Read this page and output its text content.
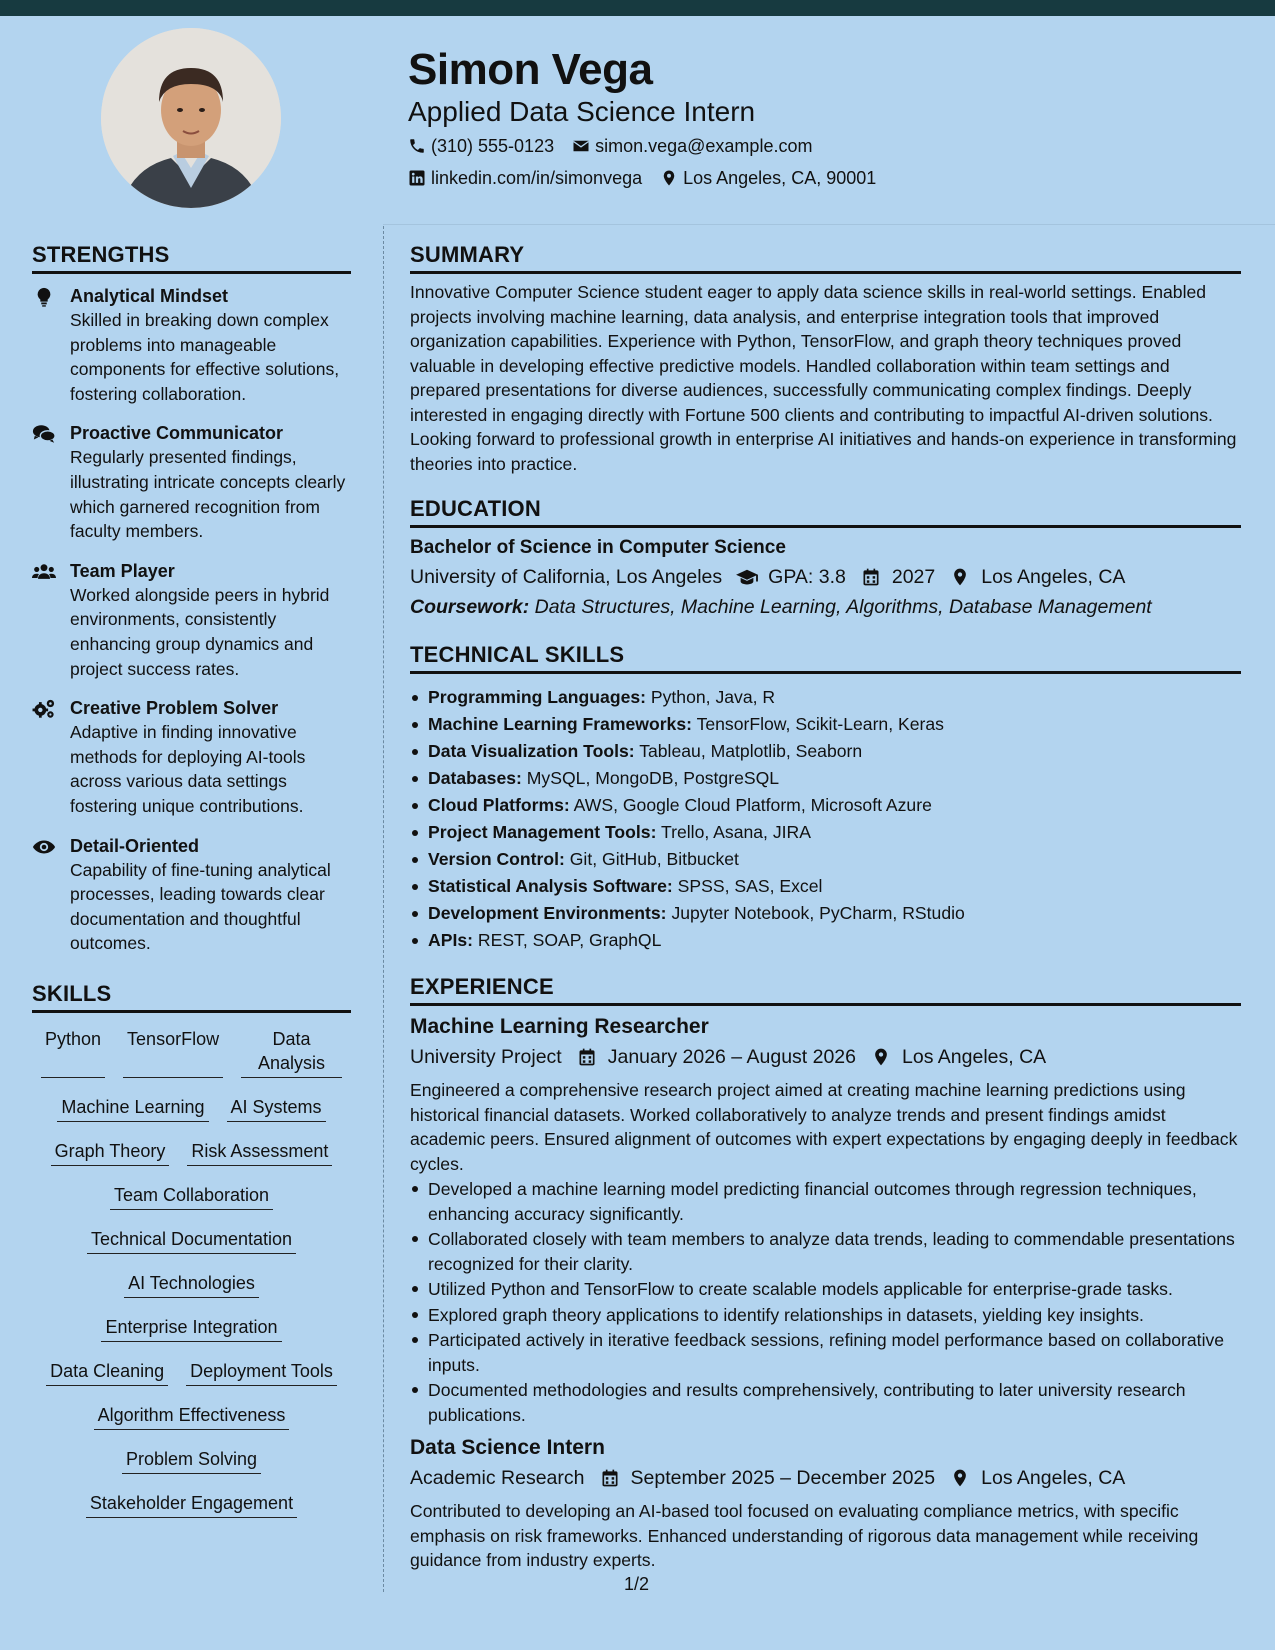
Simon Vega
Applied Data Science Intern
(310) 555-0123 simon.vega@example.com
linkedin.com/in/simonvega Los Angeles, CA, 90001
STRENGTHS
Analytical Mindset

Skilled in breaking down complex problems into manageable components for effective solutions, fostering collaboration.

Proactive Communicator

Regularly presented findings, illustrating intricate concepts clearly which garnered recognition from faculty members.

Team Player

Worked alongside peers in hybrid environments, consistently enhancing group dynamics and project success rates.

Creative Problem Solver

Adaptive in finding innovative methods for deploying AI-tools across various data settings fostering unique contributions.

Detail-Oriented

Capability of fine-tuning analytical processes, leading towards clear documentation and thoughtful outcomes.

SKILLS
Python TensorFlow	Data Analysis
Machine Learning AI Systems
Graph Theory Risk Assessment
Team Collaboration
Technical Documentation
AI Technologies
Enterprise Integration
Data Cleaning Deployment Tools
Algorithm Effectiveness
Problem Solving
Stakeholder Engagement
SUMMARY

Innovative Computer Science student eager to apply data science skills in real-world settings. Enabled projects involving machine learning, data analysis, and enterprise integration tools that improved organization capabilities. Experience with Python, TensorFlow, and graph theory techniques proved valuable in developing effective predictive models. Handled collaboration within team settings and prepared presentations for diverse audiences, successfully communicating complex findings. Deeply interested in engaging directly with Fortune 500 clients and contributing to impactful AI-driven solutions. Looking forward to professional growth in enterprise AI initiatives and hands-on experience in transforming theories into practice.

EDUCATION
Bachelor of Science in Computer Science
University of California, Los Angeles GPA: 3.8 2027 Los Angeles, CA
Coursework: Data Structures, Machine Learning, Algorithms, Database Management
TECHNICAL SKILLS
Programming Languages: Python, Java, R
Machine Learning Frameworks: TensorFlow, Scikit-Learn, Keras
Data Visualization Tools: Tableau, Matplotlib, Seaborn
Databases: MySQL, MongoDB, PostgreSQL
Cloud Platforms: AWS, Google Cloud Platform, Microsoft Azure
Project Management Tools: Trello, Asana, JIRA
Version Control: Git, GitHub, Bitbucket
Statistical Analysis Software: SPSS, SAS, Excel
Development Environments: Jupyter Notebook, PyCharm, RStudio
APIs: REST, SOAP, GraphQL
EXPERIENCE
Machine Learning Researcher
University Project January 2026 – August 2026 Los Angeles, CA

Engineered a comprehensive research project aimed at creating machine learning predictions using historical financial datasets. Worked collaboratively to analyze trends and present findings amidst academic peers. Ensured alignment of outcomes with expert expectations by engaging deeply in feedback cycles.

Developed a machine learning model predicting financial outcomes through regression techniques, enhancing accuracy significantly.
Collaborated closely with team members to analyze data trends, leading to commendable presentations recognized for their clarity.
Utilized Python and TensorFlow to create scalable models applicable for enterprise-grade tasks.
Explored graph theory applications to identify relationships in datasets, yielding key insights.
Participated actively in iterative feedback sessions, refining model performance based on collaborative inputs.
Documented methodologies and results comprehensively, contributing to later university research publications.
Data Science Intern
Academic Research September 2025 – December 2025 Los Angeles, CA

Contributed to developing an AI-based tool focused on evaluating compliance metrics, with specific emphasis on risk frameworks. Enhanced understanding of rigorous data management while receiving guidance from industry experts.

1/2
